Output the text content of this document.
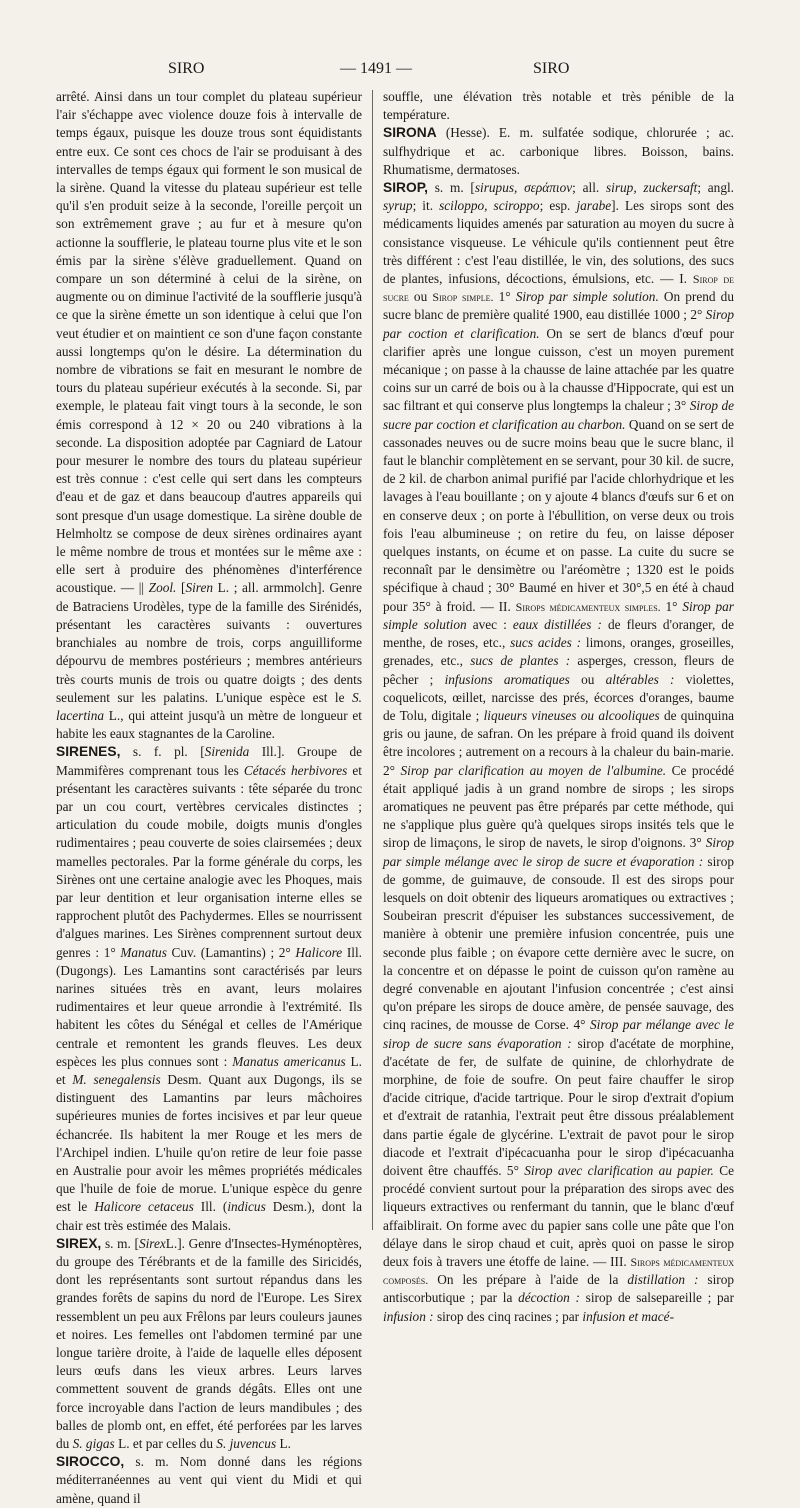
SIRO	— 1491 —	SIRO

arrêté. Ainsi dans un tour complet du plateau supérieur l'air s'échappe avec violence douze fois à intervalle de temps égaux, puisque les douze trous sont équidistants entre eux. Ce sont ces chocs de l'air se produisant à des intervalles de temps égaux qui forment le son musical de la sirène. Quand la vitesse du plateau supérieur est telle qu'il s'en produit seize à la seconde, l'oreille perçoit un son extrêmement grave ; au fur et à mesure qu'on actionne la soufflerie, le plateau tourne plus vite et le son émis par la sirène s'élève graduellement. Quand on compare un son déterminé à celui de la sirène, on augmente ou on diminue l'activité de la soufflerie jusqu'à ce que la sirène émette un son identique à celui que l'on veut étudier et on maintient ce son d'une façon constante aussi longtemps qu'on le désire. La détermination du nombre de vibrations se fait en mesurant le nombre de tours du plateau supérieur exécutés à la seconde. Si, par exemple, le plateau fait vingt tours à la seconde, le son émis correspond à 12 × 20 ou 240 vibrations à la seconde. La disposition adoptée par Cagniard de Latour pour mesurer le nombre des tours du plateau supérieur est très connue : c'est celle qui sert dans les compteurs d'eau et de gaz et dans beaucoup d'autres appareils qui sont presque d'un usage domestique. La sirène double de Helmholtz se compose de deux sirènes ordinaires ayant le même nombre de trous et montées sur le même axe : elle sert à produire des phénomènes d'interférence acoustique. — || Zool. [Siren L. ; all. armmolch]. Genre de Batraciens Urodèles, type de la famille des Sirénidés, présentant les caractères suivants : ouvertures branchiales au nombre de trois, corps anguilliforme dépourvu de membres postérieurs ; membres antérieurs très courts munis de trois ou quatre doigts ; des dents seulement sur les palatins. L'unique espèce est le S. lacertina L., qui atteint jusqu'à un mètre de longueur et habite les eaux stagnantes de la Caroline.

SIRENES, s. f. pl. [Sirenida Ill.]. Groupe de Mammifères comprenant tous les Cétacés herbivores et présentant les caractères suivants : tête séparée du tronc par un cou court, vertèbres cervicales distinctes ; articulation du coude mobile, doigts munis d'ongles rudimentaires ; peau couverte de soies clairsemées ; deux mamelles pectorales. Par la forme générale du corps, les Sirènes ont une certaine analogie avec les Phoques, mais par leur dentition et leur organisation interne elles se rapprochent plutôt des Pachydermes. Elles se nourrissent d'algues marines. Les Sirènes comprennent surtout deux genres : 1° Manatus Cuv. (Lamantins) ; 2° Halicore Ill. (Dugongs). Les Lamantins sont caractérisés par leurs narines situées très en avant, leurs molaires rudimentaires et leur queue arrondie à l'extrémité. Ils habitent les côtes du Sénégal et celles de l'Amérique centrale et remontent les grands fleuves. Les deux espèces les plus connues sont : Manatus americanus L. et M. senegalensis Desm. Quant aux Dugongs, ils se distinguent des Lamantins par leurs mâchoires supérieures munies de fortes incisives et par leur queue échancrée. Ils habitent la mer Rouge et les mers de l'Archipel indien. L'huile qu'on retire de leur foie passe en Australie pour avoir les mêmes propriétés médicales que l'huile de foie de morue. L'unique espèce du genre est le Halicore cetaceus Ill. (indicus Desm.), dont la chair est très estimée des Malais.

SIREX, s. m. [SirexL.]. Genre d'Insectes-Hyménoptères, du groupe des Térébrants et de la famille des Siricidés, dont les représentants sont surtout répandus dans les grandes forêts de sapins du nord de l'Europe. Les Sirex ressemblent un peu aux Frêlons par leurs couleurs jaunes et noires. Les femelles ont l'abdomen terminé par une longue tarière droite, à l'aide de laquelle elles déposent leurs œufs dans les vieux arbres. Leurs larves commettent souvent de grands dégâts. Elles ont une force incroyable dans l'action de leurs mandibules ; des balles de plomb ont, en effet, été perforées par les larves du S. gigas L. et par celles du S. juvencus L.

SIROCCO, s. m. Nom donné dans les régions méditerranéennes au vent qui vient du Midi et qui amène, quand il

souffle, une élévation très notable et très pénible de la température.

SIRONA (Hesse). E. m. sulfatée sodique, chlorurée ; ac. sulfhydrique et ac. carbonique libres. Boisson, bains. Rhumatisme, dermatoses.

SIROP, s. m. [sirupus, σεράπιον; all. sirup, zuckersaft; angl. syrup; it. sciloppo, sciroppo; esp. jarabe]. Les sirops sont des médicaments liquides amenés par saturation au moyen du sucre à consistance visqueuse. Le véhicule qu'ils contiennent peut être très différent : c'est l'eau distillée, le vin, des solutions, des sucs de plantes, infusions, décoctions, émulsions, etc. — I. Sirop de sucre ou Sirop simple. 1° Sirop par simple solution. On prend du sucre blanc de première qualité 1900, eau distillée 1000 ; 2° Sirop par coction et clarification. On se sert de blancs d'œuf pour clarifier après une longue cuisson, c'est un moyen purement mécanique ; on passe à la chausse de laine attachée par les quatre coins sur un carré de bois ou à la chausse d'Hippocrate, qui est un sac filtrant et qui conserve plus longtemps la chaleur ; 3° Sirop de sucre par coction et clarification au charbon. Quand on se sert de cassonades neuves ou de sucre moins beau que le sucre blanc, il faut le blanchir complètement en se servant, pour 30 kil. de sucre, de 2 kil. de charbon animal purifié par l'acide chlorhydrique et les lavages à l'eau bouillante ; on y ajoute 4 blancs d'œufs sur 6 et on en conserve deux ; on porte à l'ébullition, on verse deux ou trois fois l'eau albumineuse ; on retire du feu, on laisse déposer quelques instants, on écume et on passe. La cuite du sucre se reconnaît par le densimètre ou l'aréomètre ; 1320 est le poids spécifique à chaud ; 30° Baumé en hiver et 30°,5 en été à chaud pour 35° à froid. — II. Sirops médicamenteux simples. 1° Sirop par simple solution avec : eaux distillées : de fleurs d'oranger, de menthe, de roses, etc., sucs acides : limons, oranges, groseilles, grenades, etc., sucs de plantes : asperges, cresson, fleurs de pêcher ; infusions aromatiques ou altérables : violettes, coquelicots, œillet, narcisse des prés, écorces d'oranges, baume de Tolu, digitale ; liqueurs vineuses ou alcooliques de quinquina gris ou jaune, de safran. On les prépare à froid quand ils doivent être incolores ; autrement on a recours à la chaleur du bain-marie. 2° Sirop par clarification au moyen de l'albumine. Ce procédé était appliqué jadis à un grand nombre de sirops ; les sirops aromatiques ne peuvent pas être préparés par cette méthode, qui ne s'applique plus guère qu'à quelques sirops insités tels que le sirop de limaçons, le sirop de navets, le sirop d'oignons. 3° Sirop par simple mélange avec le sirop de sucre et évaporation : sirop de gomme, de guimauve, de consoude. Il est des sirops pour lesquels on doit obtenir des liqueurs aromatiques ou extractives ; Soubeiran prescrit d'épuiser les substances successivement, de manière à obtenir une première infusion concentrée, puis une seconde plus faible ; on évapore cette dernière avec le sucre, on la concentre et on dépasse le point de cuisson qu'on ramène au degré convenable en ajoutant l'infusion concentrée ; c'est ainsi qu'on prépare les sirops de douce amère, de pensée sauvage, des cinq racines, de mousse de Corse. 4° Sirop par mélange avec le sirop de sucre sans évaporation : sirop d'acétate de morphine, d'acétate de fer, de sulfate de quinine, de chlorhydrate de morphine, de foie de soufre. On peut faire chauffer le sirop d'acide citrique, d'acide tartrique. Pour le sirop d'extrait d'opium et d'extrait de ratanhia, l'extrait peut être dissous préalablement dans partie égale de glycérine. L'extrait de pavot pour le sirop diacode et l'extrait d'ipécacuanha pour le sirop d'ipécacuanha doivent être chauffés. 5° Sirop avec clarification au papier. Ce procédé convient surtout pour la préparation des sirops avec des liqueurs extractives ou renfermant du tannin, que le blanc d'œuf affaiblirait. On forme avec du papier sans colle une pâte que l'on délaye dans le sirop chaud et cuit, après quoi on passe le sirop deux fois à travers une étoffe de laine. — III. Sirops médicamenteux composés. On les prépare à l'aide de la distillation : sirop antiscorbutique ; par la décoction : sirop de salsepareille ; par infusion : sirop des cinq racines ; par infusion et macé-
